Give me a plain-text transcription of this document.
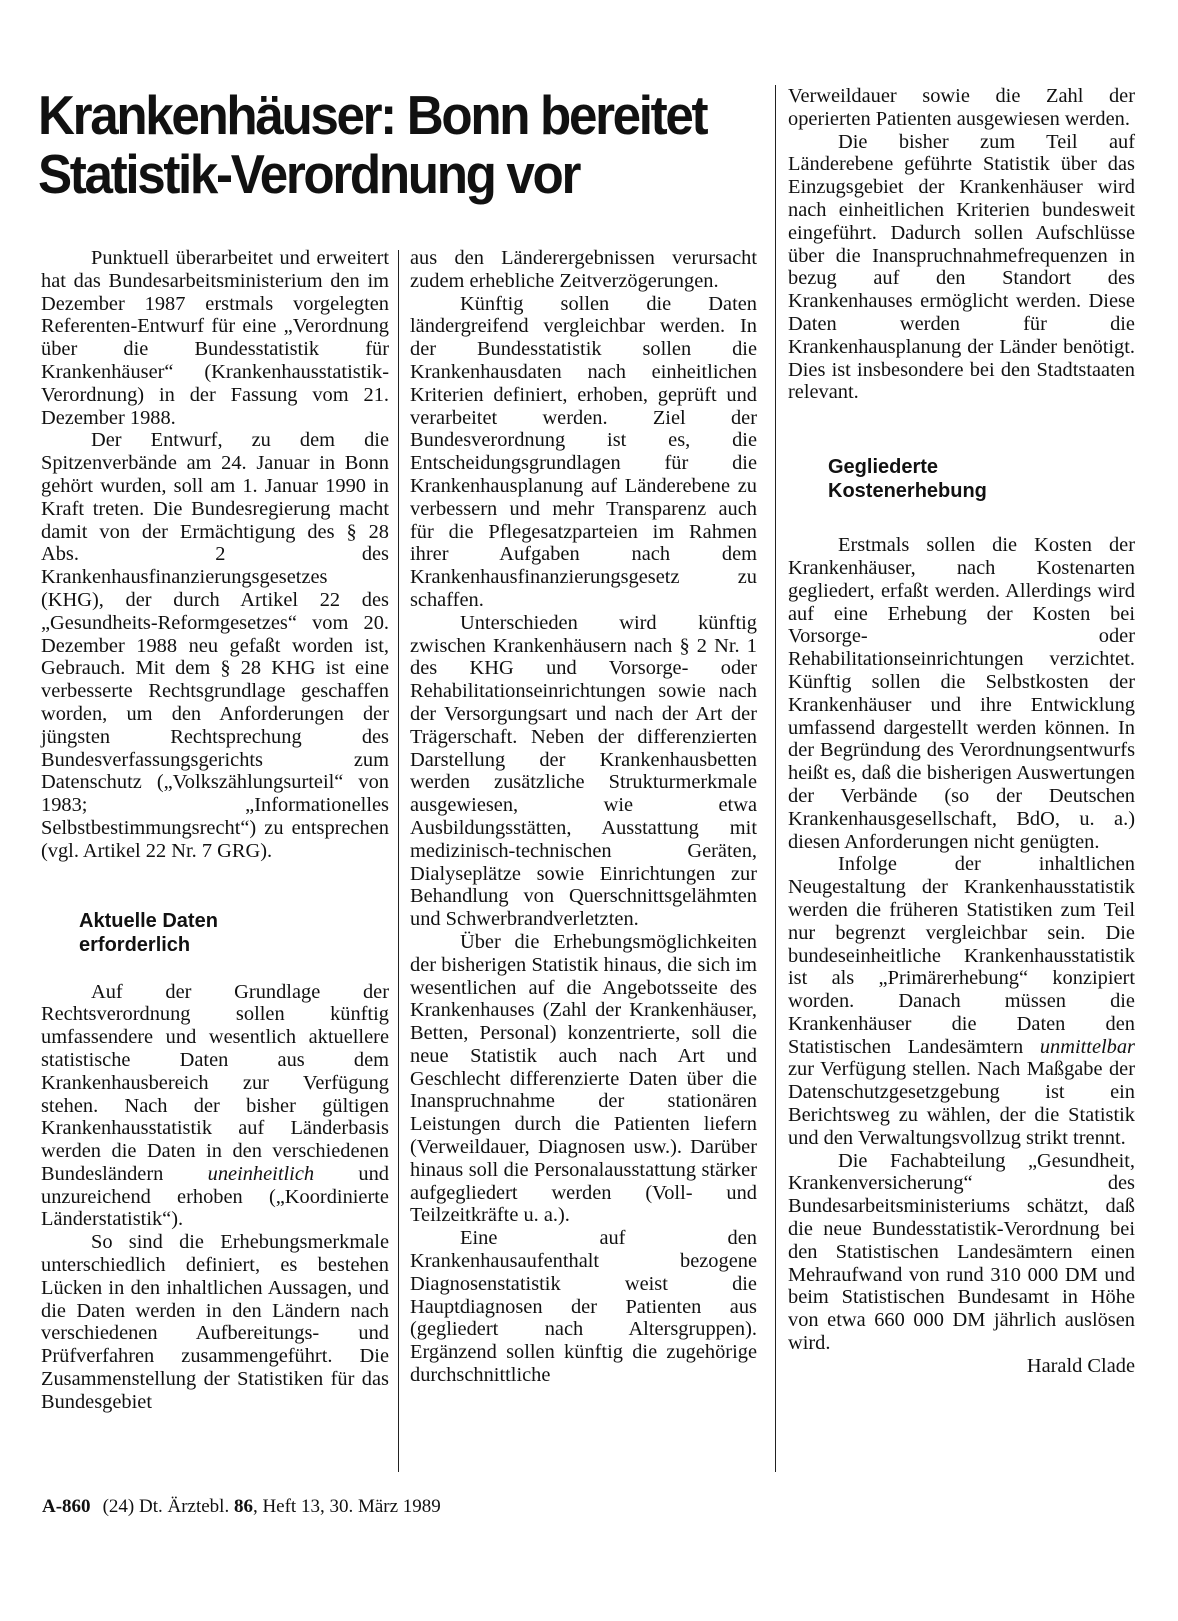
Krankenhäuser: Bonn bereitet
Statistik-Verordnung vor

Punktuell überarbeitet und erweitert hat das Bundesarbeitsministerium den im Dezember 1987 erstmals vorgelegten Referenten-Entwurf für eine „Verordnung über die Bundesstatistik für Krankenhäuser“ (Krankenhausstatistik-Verordnung) in der Fassung vom 21. Dezember 1988.

Der Entwurf, zu dem die Spitzenverbände am 24. Januar in Bonn gehört wurden, soll am 1. Januar 1990 in Kraft treten. Die Bundesregierung macht damit von der Ermächtigung des § 28 Abs. 2 des Krankenhausfinanzierungsgesetzes (KHG), der durch Artikel 22 des „Gesundheits-Reformgesetzes“ vom 20. Dezember 1988 neu gefaßt worden ist, Gebrauch. Mit dem § 28 KHG ist eine verbesserte Rechtsgrundlage geschaffen worden, um den Anforderungen der jüngsten Rechtsprechung des Bundesverfassungsgerichts zum Datenschutz („Volkszählungsurteil“ von 1983; „Informationelles Selbstbestimmungsrecht“) zu entsprechen (vgl. Artikel 22 Nr. 7 GRG).

Aktuelle Daten
erforderlich

Auf der Grundlage der Rechtsverordnung sollen künftig umfassendere und wesentlich aktuellere statistische Daten aus dem Krankenhausbereich zur Verfügung stehen. Nach der bisher gültigen Krankenhausstatistik auf Länderbasis werden die Daten in den verschiedenen Bundesländern uneinheitlich und unzureichend erhoben („Koordinierte Länderstatistik“).

So sind die Erhebungsmerkmale unterschiedlich definiert, es bestehen Lücken in den inhaltlichen Aussagen, und die Daten werden in den Ländern nach verschiedenen Aufbereitungs- und Prüfverfahren zusammengeführt. Die Zusammenstellung der Statistiken für das Bundesgebiet

aus den Länderergebnissen verursacht zudem erhebliche Zeitverzögerungen.

Künftig sollen die Daten ländergreifend vergleichbar werden. In der Bundesstatistik sollen die Krankenhausdaten nach einheitlichen Kriterien definiert, erhoben, geprüft und verarbeitet werden. Ziel der Bundesverordnung ist es, die Entscheidungsgrundlagen für die Krankenhausplanung auf Länderebene zu verbessern und mehr Transparenz auch für die Pflegesatzparteien im Rahmen ihrer Aufgaben nach dem Krankenhausfinanzierungsgesetz zu schaffen.

Unterschieden wird künftig zwischen Krankenhäusern nach § 2 Nr. 1 des KHG und Vorsorge- oder Rehabilitationseinrichtungen sowie nach der Versorgungsart und nach der Art der Trägerschaft. Neben der differenzierten Darstellung der Krankenhausbetten werden zusätzliche Strukturmerkmale ausgewiesen, wie etwa Ausbildungsstätten, Ausstattung mit medizinisch-technischen Geräten, Dialyseplätze sowie Einrichtungen zur Behandlung von Querschnittsgelähmten und Schwerbrandverletzten.

Über die Erhebungsmöglichkeiten der bisherigen Statistik hinaus, die sich im wesentlichen auf die Angebotsseite des Krankenhauses (Zahl der Krankenhäuser, Betten, Personal) konzentrierte, soll die neue Statistik auch nach Art und Geschlecht differenzierte Daten über die Inanspruchnahme der stationären Leistungen durch die Patienten liefern (Verweildauer, Diagnosen usw.). Darüber hinaus soll die Personalausstattung stärker aufgegliedert werden (Voll- und Teilzeitkräfte u. a.).

Eine auf den Krankenhausaufenthalt bezogene Diagnosenstatistik weist die Hauptdiagnosen der Patienten aus (gegliedert nach Altersgruppen). Ergänzend sollen künftig die zugehörige durchschnittliche

Verweildauer sowie die Zahl der operierten Patienten ausgewiesen werden.

Die bisher zum Teil auf Länderebene geführte Statistik über das Einzugsgebiet der Krankenhäuser wird nach einheitlichen Kriterien bundesweit eingeführt. Dadurch sollen Aufschlüsse über die Inanspruchnahmefrequenzen in bezug auf den Standort des Krankenhauses ermöglicht werden. Diese Daten werden für die Krankenhausplanung der Länder benötigt. Dies ist insbesondere bei den Stadtstaaten relevant.

Gegliederte
Kostenerhebung

Erstmals sollen die Kosten der Krankenhäuser, nach Kostenarten gegliedert, erfaßt werden. Allerdings wird auf eine Erhebung der Kosten bei Vorsorge- oder Rehabilitationseinrichtungen verzichtet. Künftig sollen die Selbstkosten der Krankenhäuser und ihre Entwicklung umfassend dargestellt werden können. In der Begründung des Verordnungsentwurfs heißt es, daß die bisherigen Auswertungen der Verbände (so der Deutschen Krankenhausgesellschaft, BdO, u. a.) diesen Anforderungen nicht genügten.

Infolge der inhaltlichen Neugestaltung der Krankenhausstatistik werden die früheren Statistiken zum Teil nur begrenzt vergleichbar sein. Die bundeseinheitliche Krankenhausstatistik ist als „Primärerhebung“ konzipiert worden. Danach müssen die Krankenhäuser die Daten den Statistischen Landesämtern unmittelbar zur Verfügung stellen. Nach Maßgabe der Datenschutzgesetzgebung ist ein Berichtsweg zu wählen, der die Statistik und den Verwaltungsvollzug strikt trennt.

Die Fachabteilung „Gesundheit, Krankenversicherung“ des Bundesarbeitsministeriums schätzt, daß die neue Bundesstatistik-Verordnung bei den Statistischen Landesämtern einen Mehraufwand von rund 310 000 DM und beim Statistischen Bundesamt in Höhe von etwa 660 000 DM jährlich auslösen wird.

Harald Clade

A-860 (24) Dt. Ärztebl. 86, Heft 13, 30. März 1989
